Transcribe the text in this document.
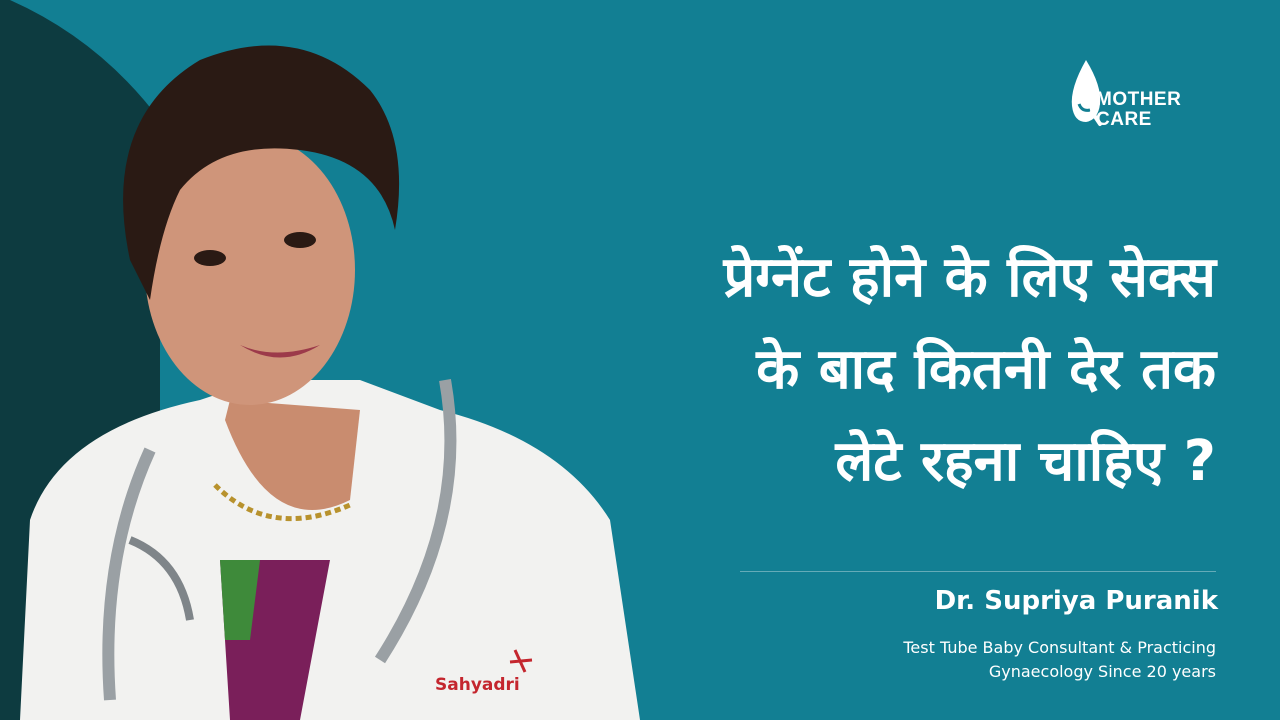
Sahyadri
MOTHER
CARE
प्रेग्नेंट होने के लिए सेक्स
के बाद कितनी देर तक
लेटे रहना चाहिए ?
Dr. Supriya Puranik
Test Tube Baby Consultant & Practicing
Gynaecology Since 20 years
